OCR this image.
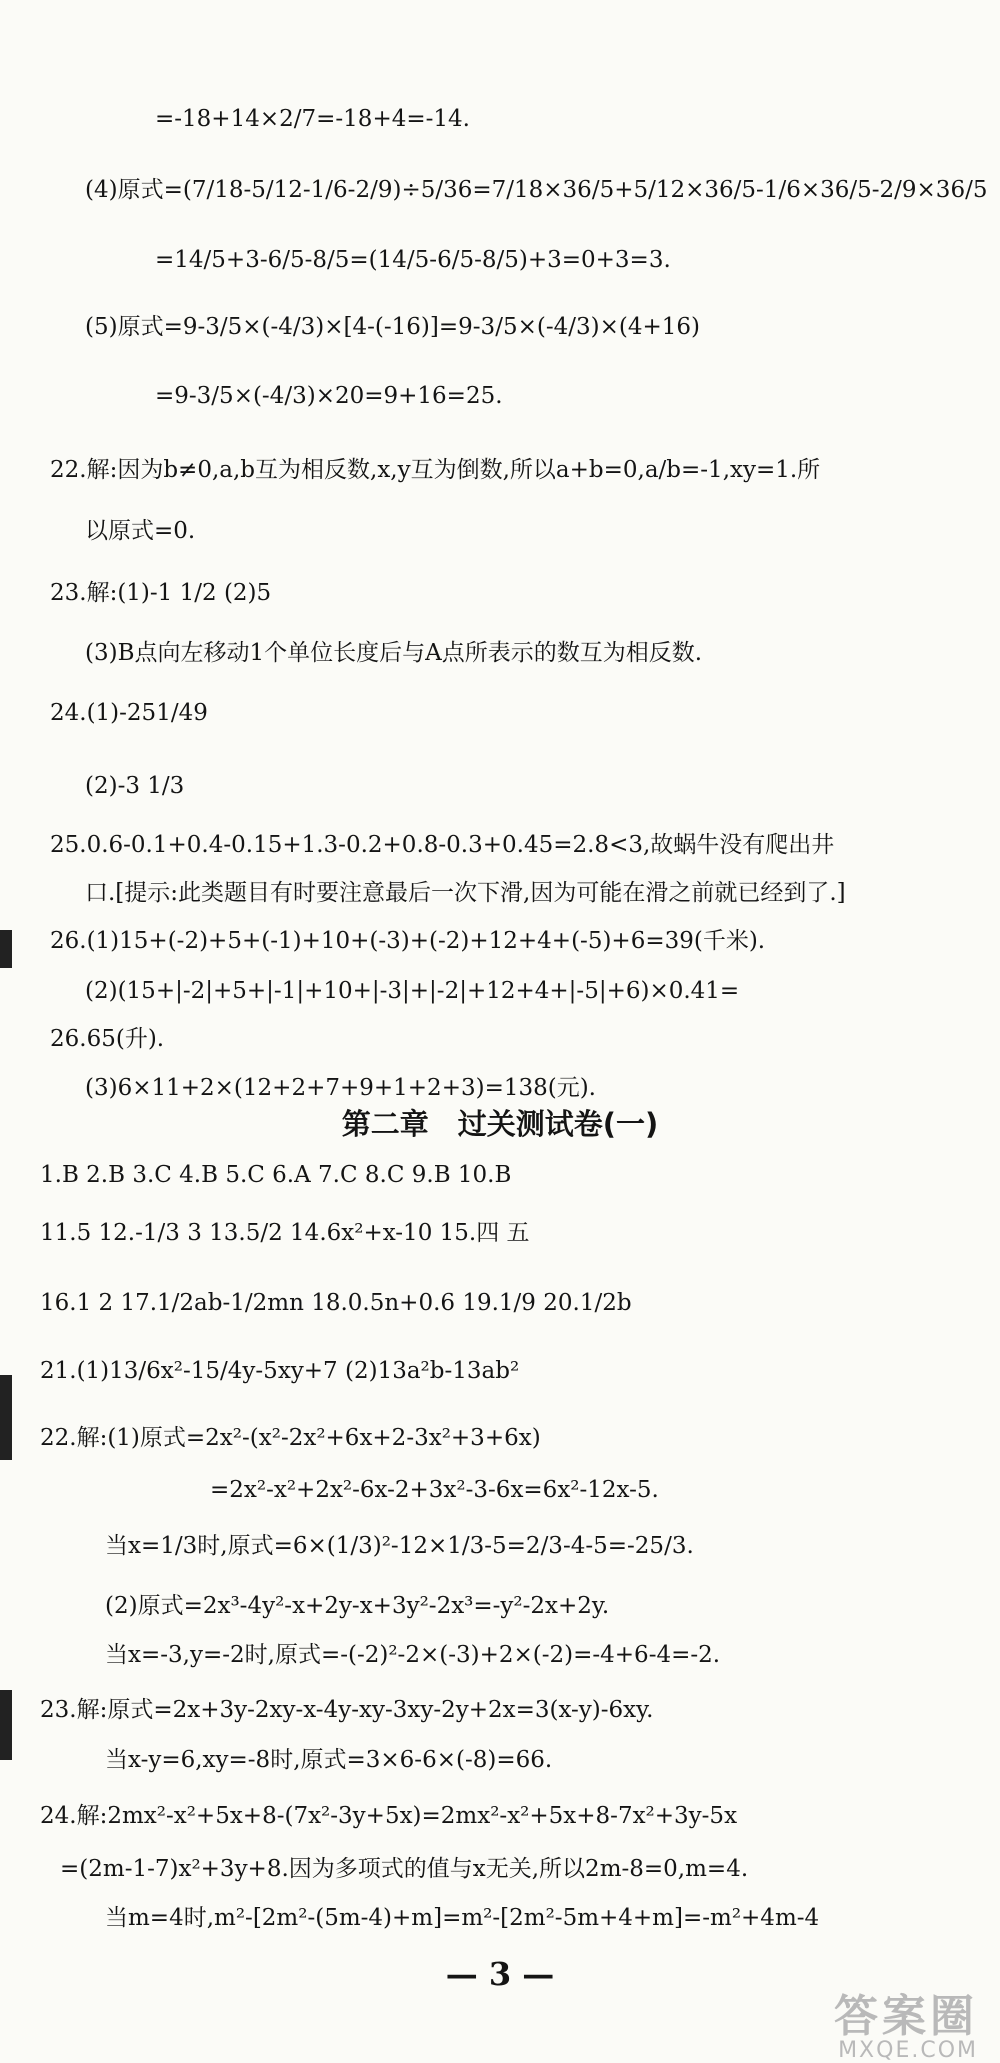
=-18+14×2/7=-18+4=-14.
(4)原式=(7/18-5/12-1/6-2/9)÷5/36=7/18×36/5+5/12×36/5-1/6×36/5-2/9×36/5
=14/5+3-6/5-8/5=(14/5-6/5-8/5)+3=0+3=3.
(5)原式=9-3/5×(-4/3)×[4-(-16)]=9-3/5×(-4/3)×(4+16)
=9-3/5×(-4/3)×20=9+16=25.
22.解:因为b≠0,a,b互为相反数,x,y互为倒数,所以a+b=0,a/b=-1,xy=1.所
以原式=0.
23.解:(1)-1 1/2 (2)5
(3)B点向左移动1个单位长度后与A点所表示的数互为相反数.
24.(1)-251/49
(2)-3 1/3
25.0.6-0.1+0.4-0.15+1.3-0.2+0.8-0.3+0.45=2.8<3,故蜗牛没有爬出井
口.[提示:此类题目有时要注意最后一次下滑,因为可能在滑之前就已经到了.]
26.(1)15+(-2)+5+(-1)+10+(-3)+(-2)+12+4+(-5)+6=39(千米).
(2)(15+|-2|+5+|-1|+10+|-3|+|-2|+12+4+|-5|+6)×0.41=
26.65(升).
(3)6×11+2×(12+2+7+9+1+2+3)=138(元).
第二章　过关测试卷(一)
1.B 2.B 3.C 4.B 5.C 6.A 7.C 8.C 9.B 10.B
11.5 12.-1/3 3 13.5/2 14.6x²+x-10 15.四 五
16.1 2 17.1/2ab-1/2mn 18.0.5n+0.6 19.1/9 20.1/2b
21.(1)13/6x²-15/4y-5xy+7 (2)13a²b-13ab²
22.解:(1)原式=2x²-(x²-2x²+6x+2-3x²+3+6x)
=2x²-x²+2x²-6x-2+3x²-3-6x=6x²-12x-5.
当x=1/3时,原式=6×(1/3)²-12×1/3-5=2/3-4-5=-25/3.
(2)原式=2x³-4y²-x+2y-x+3y²-2x³=-y²-2x+2y.
当x=-3,y=-2时,原式=-(-2)²-2×(-3)+2×(-2)=-4+6-4=-2.
23.解:原式=2x+3y-2xy-x-4y-xy-3xy-2y+2x=3(x-y)-6xy.
当x-y=6,xy=-8时,原式=3×6-6×(-8)=66.
24.解:2mx²-x²+5x+8-(7x²-3y+5x)=2mx²-x²+5x+8-7x²+3y-5x
=(2m-1-7)x²+3y+8.因为多项式的值与x无关,所以2m-8=0,m=4.
当m=4时,m²-[2m²-(5m-4)+m]=m²-[2m²-5m+4+m]=-m²+4m-4
— 3 —
答案圈
MXQE.COM
